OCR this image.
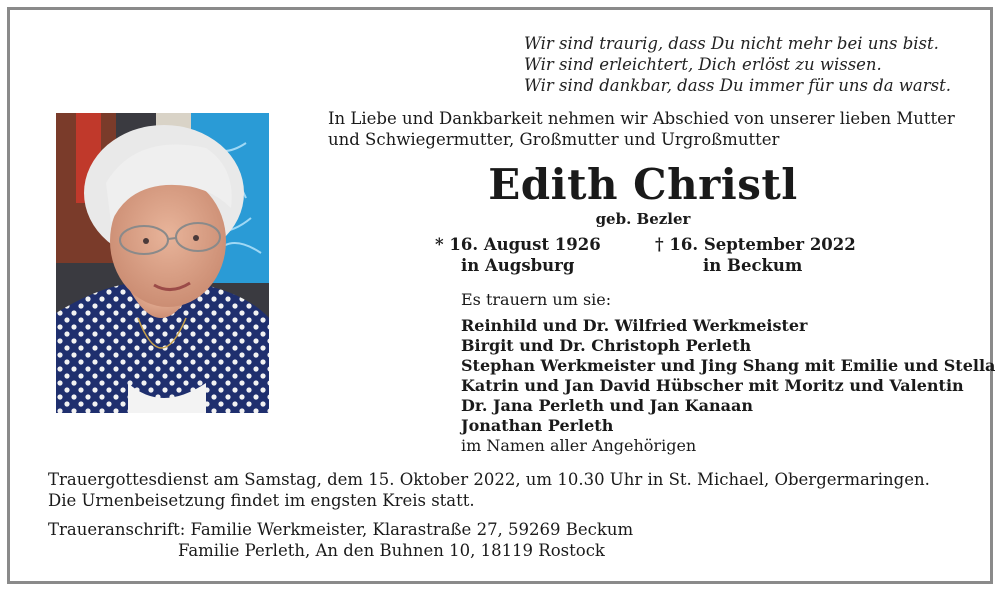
Wir sind traurig, dass Du nicht mehr bei uns bist.
Wir sind erleichtert, Dich erlöst zu wissen.
Wir sind dankbar, dass Du immer für uns da warst.
In Liebe und Dankbarkeit nehmen wir Abschied von unserer lieben Mutter und Schwiegermutter, Großmutter und Urgroßmutter
Edith Christl
geb. Bezler
* 16. August 1926
in Augsburg
† 16. September 2022
in Beckum
Es trauern um sie:
Reinhild und Dr. Wilfried Werkmeister
Birgit und Dr. Christoph Perleth
Stephan Werkmeister und Jing Shang mit Emilie und Stella
Katrin und Jan David Hübscher mit Moritz und Valentin
Dr. Jana Perleth und Jan Kanaan
Jonathan Perleth
im Namen aller Angehörigen
Trauergottesdienst am Samstag, dem 15. Oktober 2022, um 10.30 Uhr in St. Michael, Obergermaringen.
Die Urnenbeisetzung findet im engsten Kreis statt.
Traueranschrift: Familie Werkmeister, Klarastraße 27, 59269 Beckum
Familie Perleth, An den Buhnen 10, 18119 Rostock
